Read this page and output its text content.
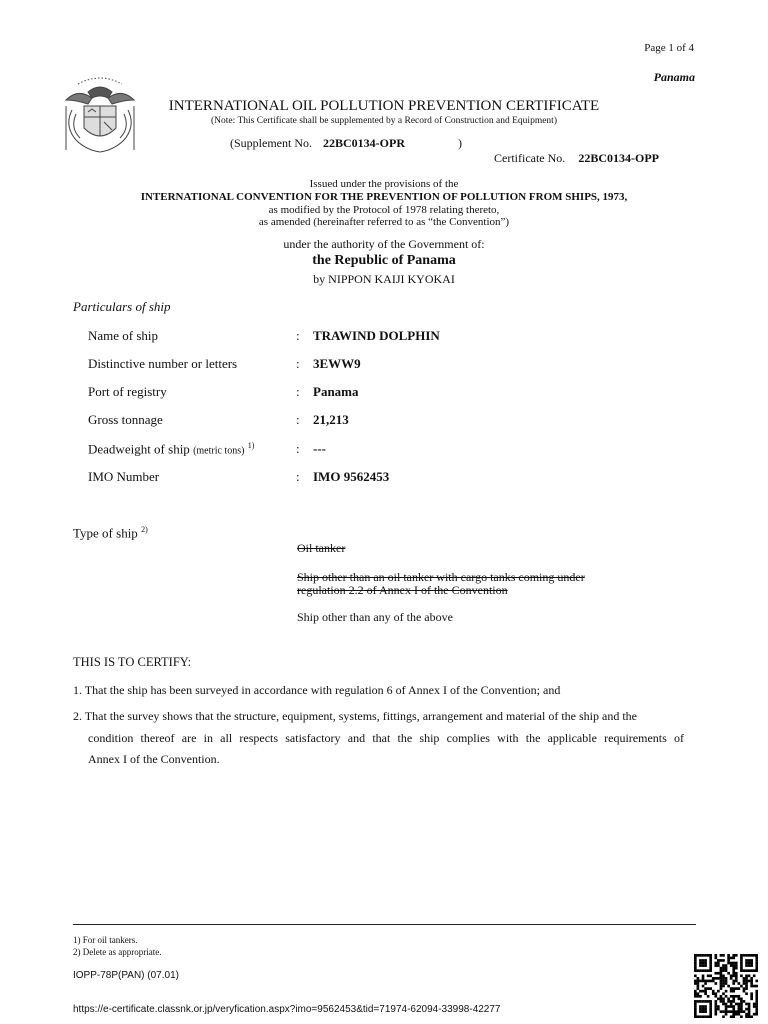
Page 1 of 4
Panama
INTERNATIONAL OIL POLLUTION PREVENTION CERTIFICATE
(Note: This Certificate shall be supplemented by a Record of Construction and Equipment)
(Supplement No. 22BC0134-OPR	)
Certificate No. 22BC0134-OPP
Issued under the provisions of the
INTERNATIONAL CONVENTION FOR THE PREVENTION OF POLLUTION FROM SHIPS, 1973,
as modified by the Protocol of 1978 relating thereto,
as amended (hereinafter referred to as “the Convention”)
under the authority of the Government of:
the Republic of Panama
by NIPPON KAIJI KYOKAI
Particulars of ship
Name of ship	: TRAWIND DOLPHIN
Distinctive number or letters	: 3EWW9
Port of registry	: Panama
Gross tonnage	: 21,213
Deadweight of ship (metric tons) $^{1)}$	: ---
IMO Number	: IMO 9562453
Type of ship $^{2)}$
Oil tanker
Ship other than an oil tanker with cargo tanks coming under
regulation 2.2 of Annex I of the Convention
Ship other than any of the above
THIS IS TO CERTIFY:
1. That the ship has been surveyed in accordance with regulation 6 of Annex I of the Convention; and
2. That the survey shows that the structure, equipment, systems, fittings, arrangement and material of the ship and the
condition thereof are in all respects satisfactory and that the ship complies with the applicable requirements of
Annex I of the Convention.
1) For oil tankers.
2) Delete as appropriate.
IOPP-78P(PAN) (07.01)
https://e-certificate.classnk.or.jp/veryfication.aspx?imo=9562453&tid=71974-62094-33998-42277
